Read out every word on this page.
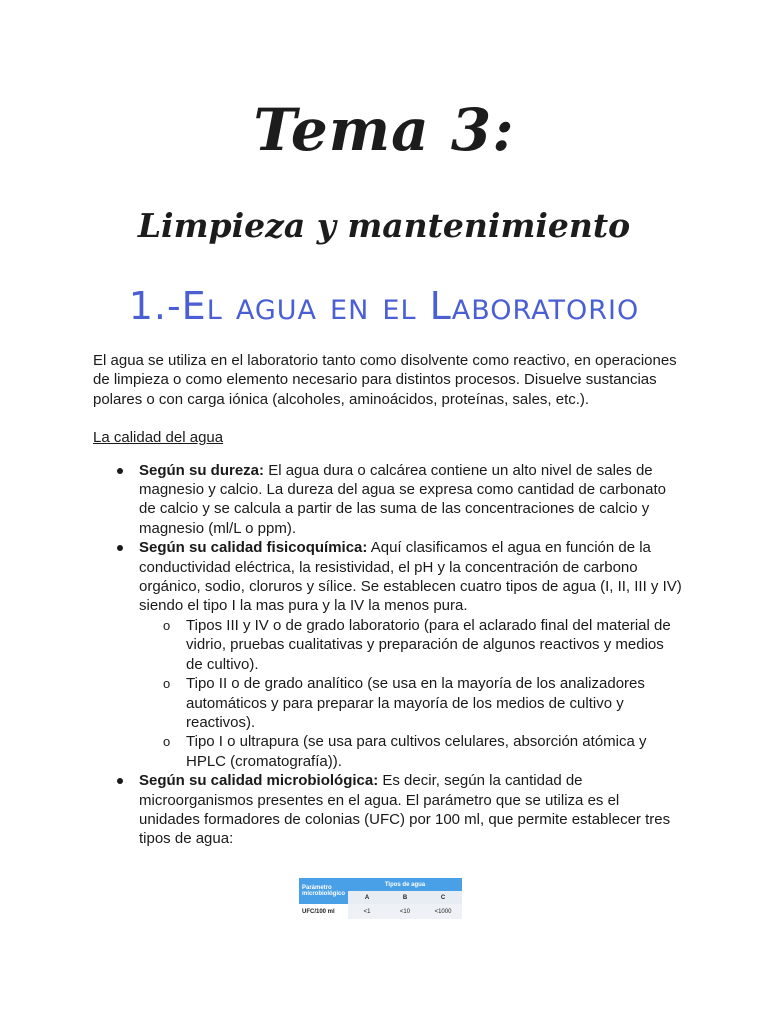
Tema 3:
Limpieza y mantenimiento
1.-El agua en el Laboratorio

El agua se utiliza en el laboratorio tanto como disolvente como reactivo, en operaciones de limpieza o como elemento necesario para distintos procesos. Disuelve sustancias polares o con carga iónica (alcoholes, aminoácidos, proteínas, sales, etc.).

La calidad del agua
Según su dureza: El agua dura o calcárea contiene un alto nivel de sales de magnesio y calcio. La dureza del agua se expresa como cantidad de carbonato de calcio y se calcula a partir de las suma de las concentraciones de calcio y magnesio (ml/L o ppm).
Según su calidad fisicoquímica: Aquí clasificamos el agua en función de la conductividad eléctrica, la resistividad, el pH y la concentración de carbono orgánico, sodio, cloruros y sílice. Se establecen cuatro tipos de agua (I, II, III y IV) siendo el tipo I la mas pura y la IV la menos pura.
o Tipos III y IV o de grado laboratorio (para el aclarado final del material de vidrio, pruebas cualitativas y preparación de algunos reactivos y medios de cultivo).
o Tipo II o de grado analítico (se usa en la mayoría de los analizadores automáticos y para preparar la mayoría de los medios de cultivo y reactivos).
o Tipo I o ultrapura (se usa para cultivos celulares, absorción atómica y HPLC (cromatografía)).
Según su calidad microbiológica: Es decir, según la cantidad de microorganismos presentes en el agua. El parámetro que se utiliza es el unidades formadores de colonias (UFC) por 100 ml, que permite establecer tres tipos de agua:
Parámetro microbiológico	Tipos de agua		
	A	B	C
UFC/100 ml	<1	<10	<1000
